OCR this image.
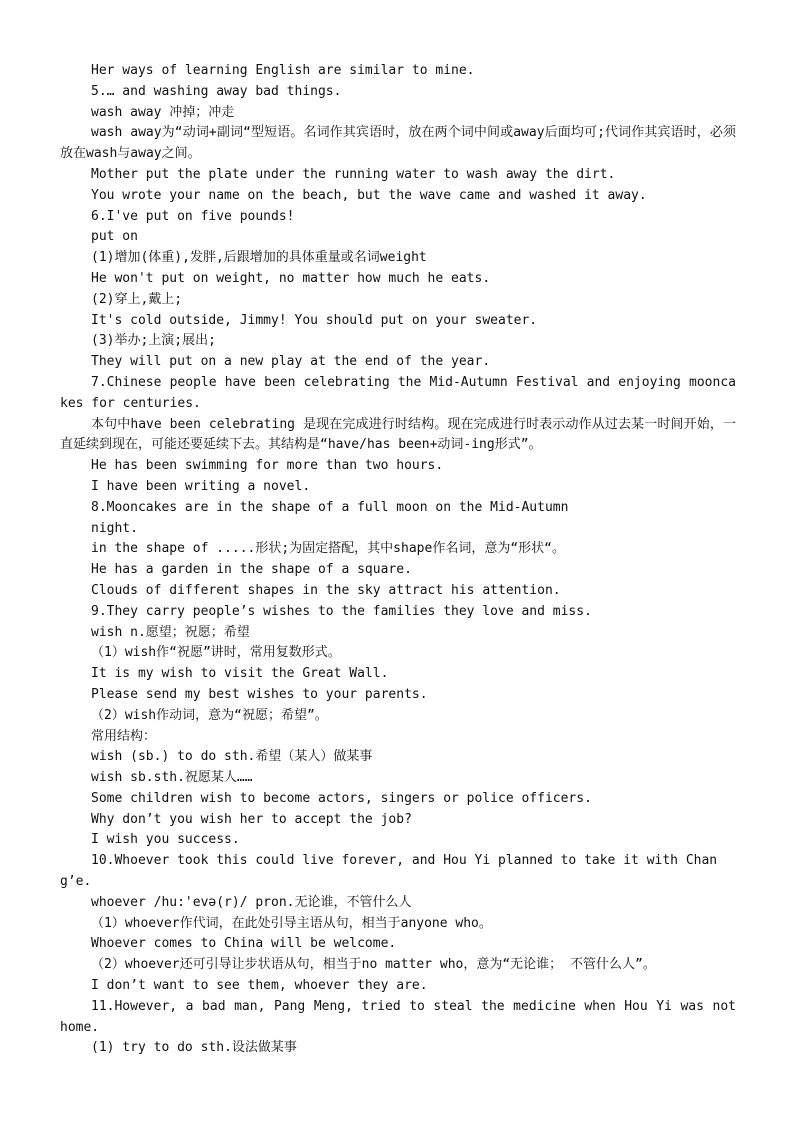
Her ways of learning English are similar to mine.

5.… and washing away bad things.

wash away 冲掉；冲走

wash away为“动词+副词“型短语。名词作其宾语时，放在两个词中间或away后面均可;代词作其宾语时，必须放在wash与away之间。

Mother put the plate under the running water to wash away the dirt.

You wrote your name on the beach, but the wave came and washed it away.

6.I've put on five pounds!

put on

(1)增加(体重),发胖,后跟增加的具体重量或名词weight

He won't put on weight, no matter how much he eats.

(2)穿上,戴上;

It's cold outside, Jimmy! You should put on your sweater.

(3)举办;上演;展出;

They will put on a new play at the end of the year.

7.Chinese people have been celebrating the Mid-Autumn Festival and enjoying mooncakes for centuries.

本句中have been celebrating 是现在完成进行时结构。现在完成进行时表示动作从过去某一时间开始，一直延续到现在，可能还要延续下去。其结构是“have/has been+动词-ing形式”。

He has been swimming for more than two hours.

I have been writing a novel.

8.Mooncakes are in the shape of a full moon on the Mid-Autumn

night.

in the shape of .....形状;为固定搭配，其中shape作名词，意为“形状“。

He has a garden in the shape of a square.

Clouds of different shapes in the sky attract his attention.

9.They carry people’s wishes to the families they love and miss.

wish n.愿望；祝愿；希望

（1）wish作“祝愿”讲时，常用复数形式。

It is my wish to visit the Great Wall.

Please send my best wishes to your parents.

（2）wish作动词，意为“祝愿；希望”。

常用结构：

wish (sb.) to do sth.希望（某人）做某事

wish sb.sth.祝愿某人……

Some children wish to become actors, singers or police officers.

Why don’t you wish her to accept the job?

I wish you success.

10.Whoever took this could live forever, and Hou Yi planned to take it with Chang’e.

whoever /hu:'evə(r)/ pron.无论谁，不管什么人

（1）whoever作代词，在此处引导主语从句，相当于anyone who。

Whoever comes to China will be welcome.

（2）whoever还可引导让步状语从句，相当于no matter who，意为“无论谁； 不管什么人”。

I don’t want to see them, whoever they are.

11.However, a bad man, Pang Meng, tried to steal the medicine when Hou Yi was not home.

(1) try to do sth.设法做某事
